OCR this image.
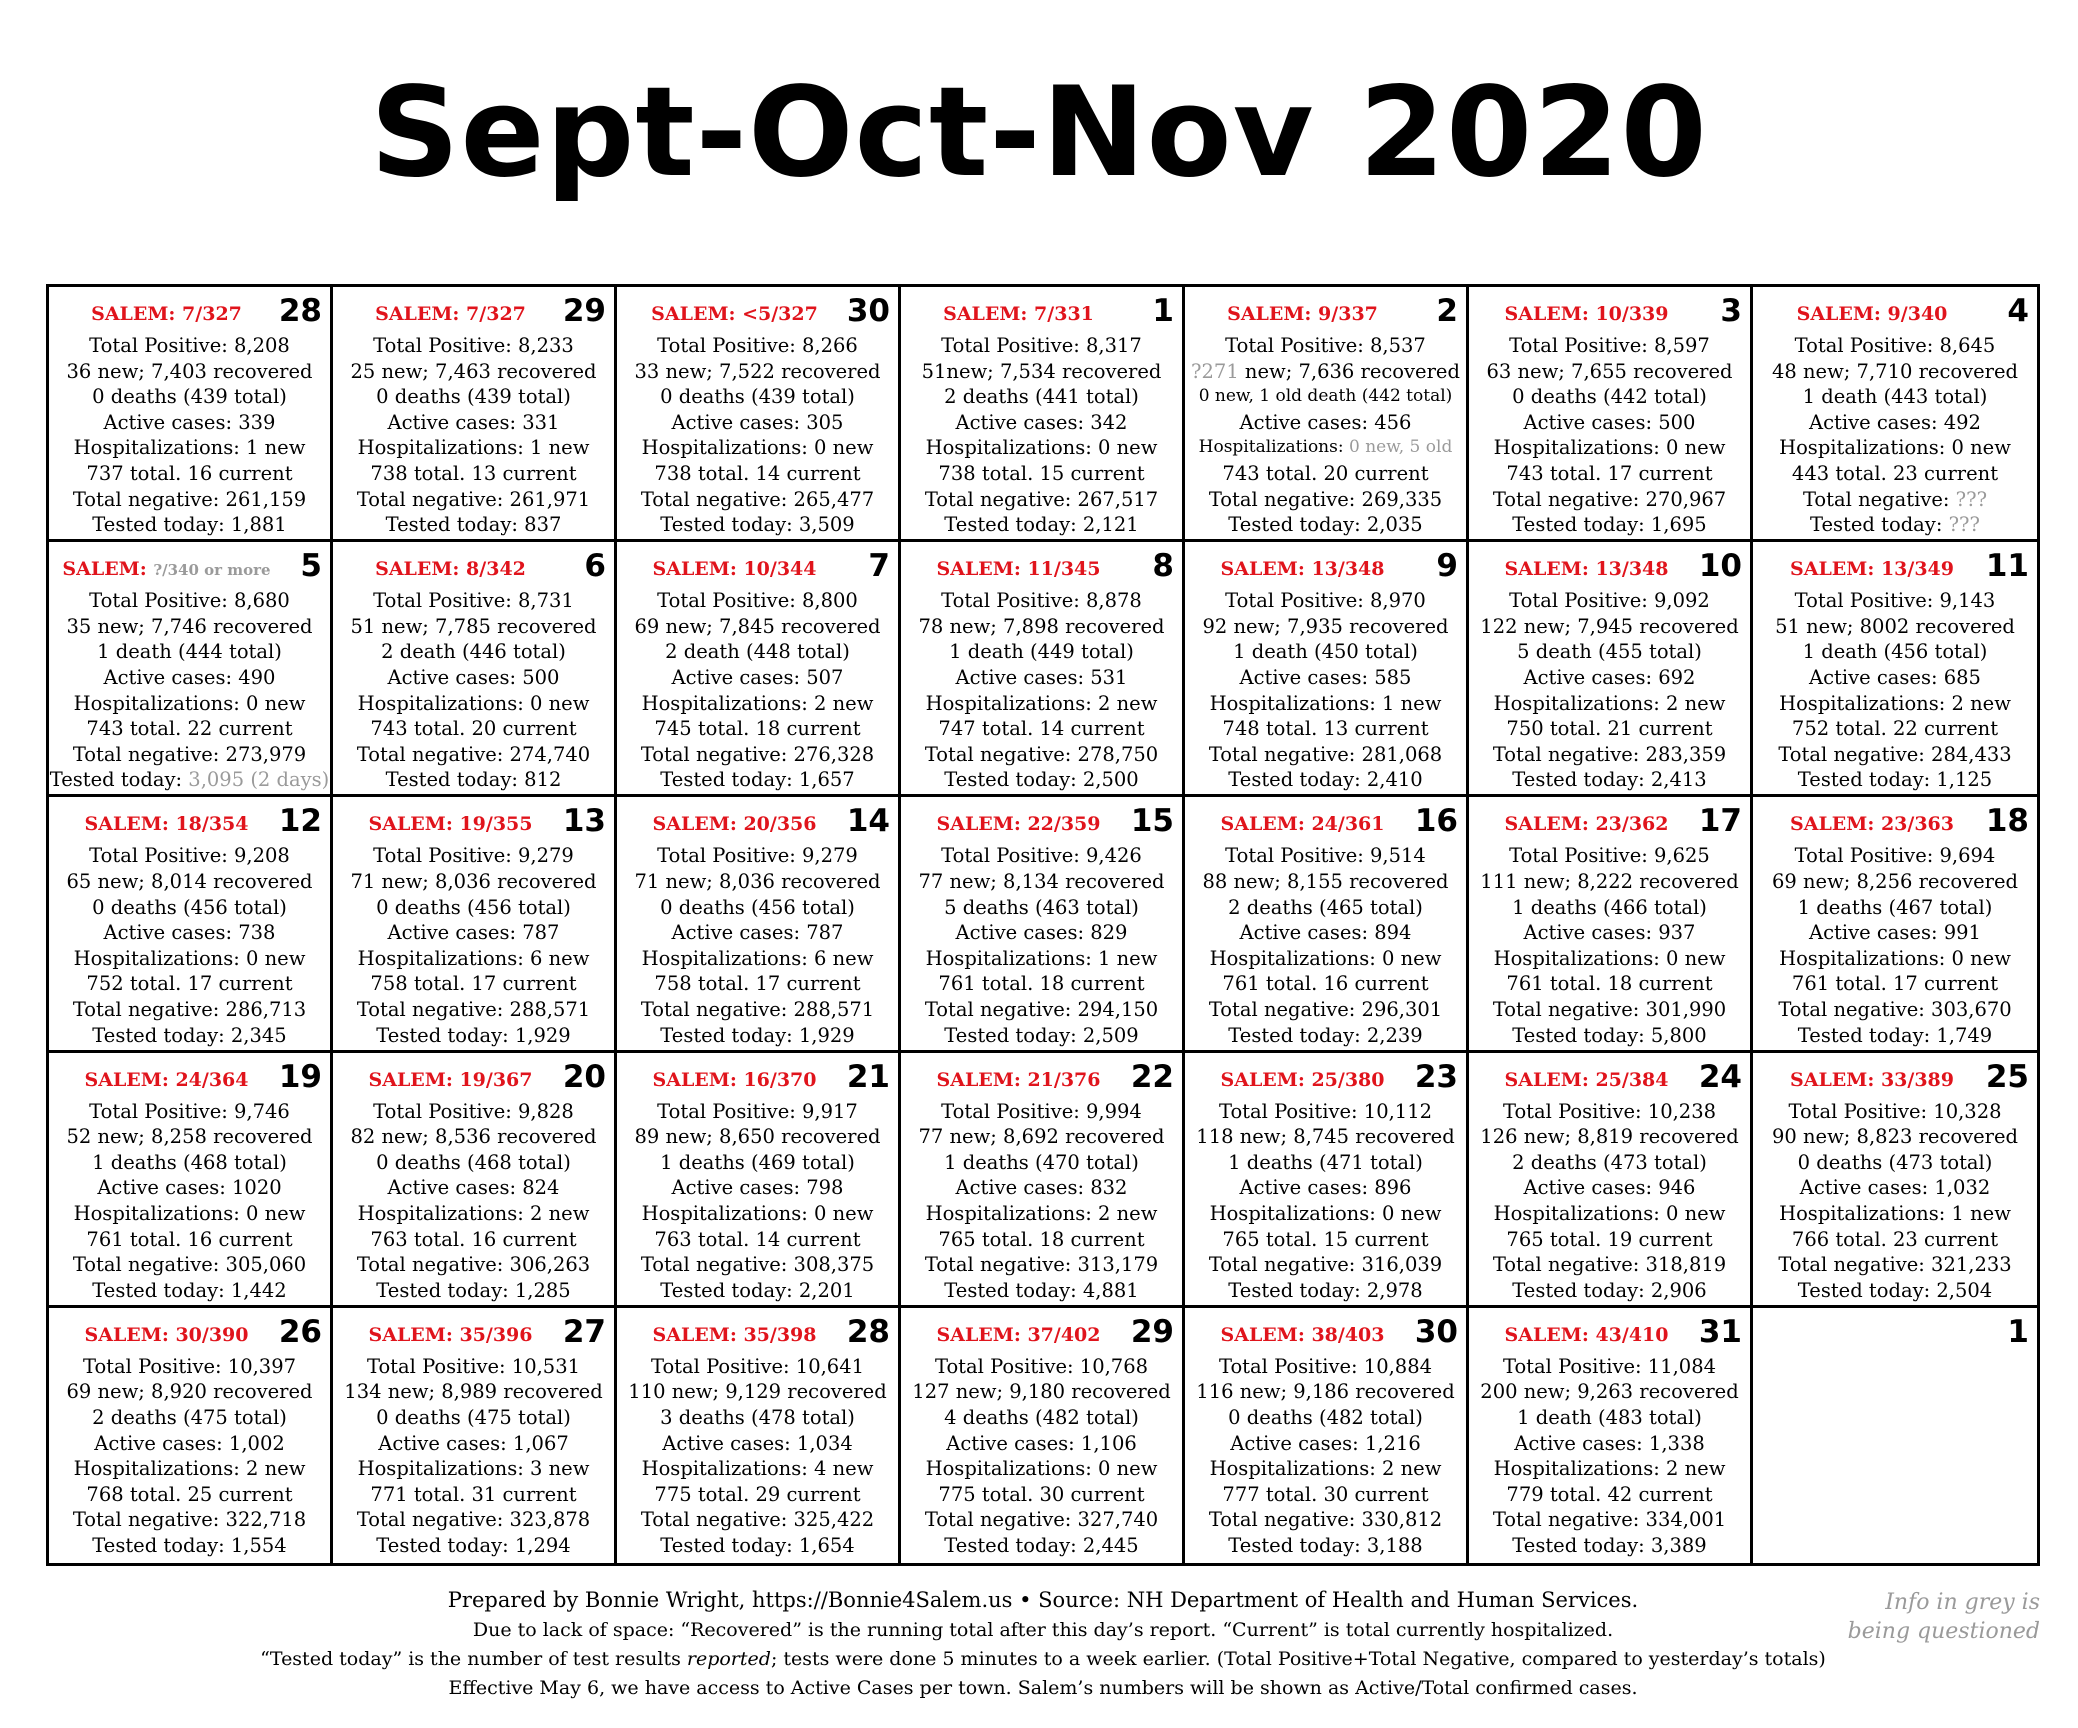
Sept-Oct-Nov 2020
SALEM: 7/327	28
Total Positive: 8,208
36 new; 7,403 recovered
0 deaths (439 total)
Active cases: 339
Hospitalizations: 1 new
737 total. 16 current
Total negative: 261,159
Tested today: 1,881
SALEM: 7/327	29
Total Positive: 8,233
25 new; 7,463 recovered
0 deaths (439 total)
Active cases: 331
Hospitalizations: 1 new
738 total. 13 current
Total negative: 261,971
Tested today: 837
SALEM: <5/327 30
Total Positive: 8,266
33 new; 7,522 recovered
0 deaths (439 total)
Active cases: 305
Hospitalizations: 0 new
738 total. 14 current
Total negative: 265,477
Tested today: 3,509
SALEM: 7/331	1
Total Positive: 8,317
51new; 7,534 recovered
2 deaths (441 total)
Active cases: 342
Hospitalizations: 0 new
738 total. 15 current
Total negative: 267,517
Tested today: 2,121
SALEM: 9/337	2
Total Positive: 8,537
?271 new; 7,636 recovered
0 new, 1 old death (442 total)
Active cases: 456
Hospitalizations: 0 new, 5 old
743 total. 20 current
Total negative: 269,335
Tested today: 2,035
SALEM: 10/339	3
Total Positive: 8,597
63 new; 7,655 recovered
0 deaths (442 total)
Active cases: 500
Hospitalizations: 0 new
743 total. 17 current
Total negative: 270,967
Tested today: 1,695
SALEM: 9/340	4
Total Positive: 8,645
48 new; 7,710 recovered
1 death (443 total)
Active cases: 492
Hospitalizations: 0 new
443 total. 23 current
Total negative: ???
Tested today: ???
SALEM: ?/340 or more 5
Total Positive: 8,680
35 new; 7,746 recovered
1 death (444 total)
Active cases: 490
Hospitalizations: 0 new
743 total. 22 current
Total negative: 273,979
Tested today: 3,095 (2 days)
SALEM: 8/342	6
Total Positive: 8,731
51 new; 7,785 recovered
2 death (446 total)
Active cases: 500
Hospitalizations: 0 new
743 total. 20 current
Total negative: 274,740
Tested today: 812
SALEM: 10/344	7
Total Positive: 8,800
69 new; 7,845 recovered
2 death (448 total)
Active cases: 507
Hospitalizations: 2 new
745 total. 18 current
Total negative: 276,328
Tested today: 1,657
SALEM: 11/345	8
Total Positive: 8,878
78 new; 7,898 recovered
1 death (449 total)
Active cases: 531
Hospitalizations: 2 new
747 total. 14 current
Total negative: 278,750
Tested today: 2,500
SALEM: 13/348	9
Total Positive: 8,970
92 new; 7,935 recovered
1 death (450 total)
Active cases: 585
Hospitalizations: 1 new
748 total. 13 current
Total negative: 281,068
Tested today: 2,410
SALEM: 13/348 10
Total Positive: 9,092
122 new; 7,945 recovered
5 death (455 total)
Active cases: 692
Hospitalizations: 2 new
750 total. 21 current
Total negative: 283,359
Tested today: 2,413
SALEM: 13/349	11
Total Positive: 9,143
51 new; 8002 recovered
1 death (456 total)
Active cases: 685
Hospitalizations: 2 new
752 total. 22 current
Total negative: 284,433
Tested today: 1,125
SALEM: 18/354 12
Total Positive: 9,208
65 new; 8,014 recovered
0 deaths (456 total)
Active cases: 738
Hospitalizations: 0 new
752 total. 17 current
Total negative: 286,713
Tested today: 2,345
SALEM: 19/355 13
Total Positive: 9,279
71 new; 8,036 recovered
0 deaths (456 total)
Active cases: 787
Hospitalizations: 6 new
758 total. 17 current
Total negative: 288,571
Tested today: 1,929
SALEM: 20/356 14
Total Positive: 9,279
71 new; 8,036 recovered
0 deaths (456 total)
Active cases: 787
Hospitalizations: 6 new
758 total. 17 current
Total negative: 288,571
Tested today: 1,929
SALEM: 22/359 15
Total Positive: 9,426
77 new; 8,134 recovered
5 deaths (463 total)
Active cases: 829
Hospitalizations: 1 new
761 total. 18 current
Total negative: 294,150
Tested today: 2,509
SALEM: 24/361 16
Total Positive: 9,514
88 new; 8,155 recovered
2 deaths (465 total)
Active cases: 894
Hospitalizations: 0 new
761 total. 16 current
Total negative: 296,301
Tested today: 2,239
SALEM: 23/362 17
Total Positive: 9,625
111 new; 8,222 recovered
1 deaths (466 total)
Active cases: 937
Hospitalizations: 0 new
761 total. 18 current
Total negative: 301,990
Tested today: 5,800
SALEM: 23/363	18
Total Positive: 9,694
69 new; 8,256 recovered
1 deaths (467 total)
Active cases: 991
Hospitalizations: 0 new
761 total. 17 current
Total negative: 303,670
Tested today: 1,749
SALEM: 24/364 19
Total Positive: 9,746
52 new; 8,258 recovered
1 deaths (468 total)
Active cases: 1020
Hospitalizations: 0 new
761 total. 16 current
Total negative: 305,060
Tested today: 1,442
SALEM: 19/367 20
Total Positive: 9,828
82 new; 8,536 recovered
0 deaths (468 total)
Active cases: 824
Hospitalizations: 2 new
763 total. 16 current
Total negative: 306,263
Tested today: 1,285
SALEM: 16/370 21
Total Positive: 9,917
89 new; 8,650 recovered
1 deaths (469 total)
Active cases: 798
Hospitalizations: 0 new
763 total. 14 current
Total negative: 308,375
Tested today: 2,201
SALEM: 21/376 22
Total Positive: 9,994
77 new; 8,692 recovered
1 deaths (470 total)
Active cases: 832
Hospitalizations: 2 new
765 total. 18 current
Total negative: 313,179
Tested today: 4,881
SALEM: 25/380 23
Total Positive: 10,112
118 new; 8,745 recovered
1 deaths (471 total)
Active cases: 896
Hospitalizations: 0 new
765 total. 15 current
Total negative: 316,039
Tested today: 2,978
SALEM: 25/384 24
Total Positive: 10,238
126 new; 8,819 recovered
2 deaths (473 total)
Active cases: 946
Hospitalizations: 0 new
765 total. 19 current
Total negative: 318,819
Tested today: 2,906
SALEM: 33/389	25
Total Positive: 10,328
90 new; 8,823 recovered
0 deaths (473 total)
Active cases: 1,032
Hospitalizations: 1 new
766 total. 23 current
Total negative: 321,233
Tested today: 2,504
SALEM: 30/390 26
Total Positive: 10,397
69 new; 8,920 recovered
2 deaths (475 total)
Active cases: 1,002
Hospitalizations: 2 new
768 total. 25 current
Total negative: 322,718
Tested today: 1,554
SALEM: 35/396 27
Total Positive: 10,531
134 new; 8,989 recovered
0 deaths (475 total)
Active cases: 1,067
Hospitalizations: 3 new
771 total. 31 current
Total negative: 323,878
Tested today: 1,294
SALEM: 35/398 28
Total Positive: 10,641
110 new; 9,129 recovered
3 deaths (478 total)
Active cases: 1,034
Hospitalizations: 4 new
775 total. 29 current
Total negative: 325,422
Tested today: 1,654
SALEM: 37/402 29
Total Positive: 10,768
127 new; 9,180 recovered
4 deaths (482 total)
Active cases: 1,106
Hospitalizations: 0 new
775 total. 30 current
Total negative: 327,740
Tested today: 2,445
SALEM: 38/403 30
Total Positive: 10,884
116 new; 9,186 recovered
0 deaths (482 total)
Active cases: 1,216
Hospitalizations: 2 new
777 total. 30 current
Total negative: 330,812
Tested today: 3,188
SALEM: 43/410 31
Total Positive: 11,084
200 new; 9,263 recovered
1 death (483 total)
Active cases: 1,338
Hospitalizations: 2 new
779 total. 42 current
Total negative: 334,001
Tested today: 3,389
1
Prepared by Bonnie Wright, https://Bonnie4Salem.us • Source: NH Department of Health and Human Services.
Due to lack of space: “Recovered” is the running total after this day’s report. “Current” is total currently hospitalized.
“Tested today” is the number of test results reported; tests were done 5 minutes to a week earlier. (Total Positive+Total Negative, compared to yesterday’s totals)
Effective May 6, we have access to Active Cases per town. Salem’s numbers will be shown as Active/Total confirmed cases.
Info in grey is
being questioned
